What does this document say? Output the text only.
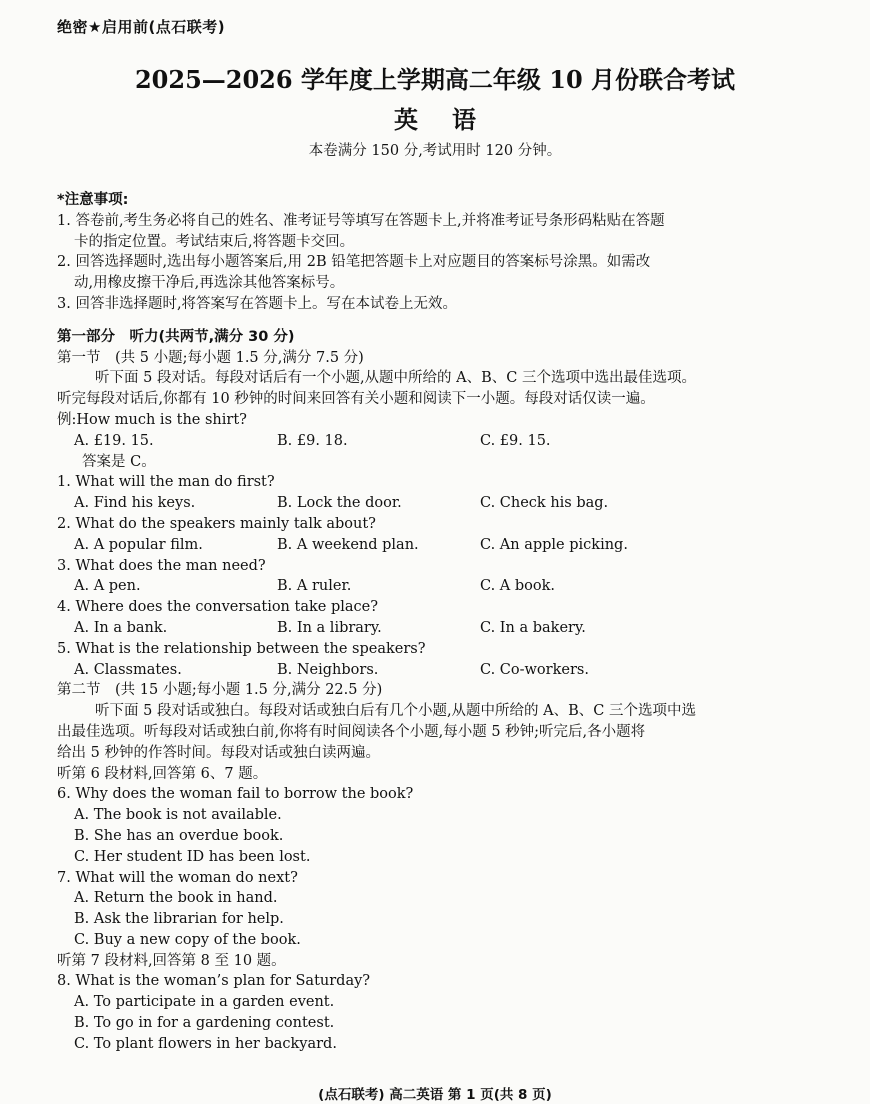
绝密★启用前(点石联考)
2025—2026 学年度上学期高二年级 10 月份联合考试
英语
本卷满分 150 分,考试用时 120 分钟。
*注意事项:
1. 答卷前,考生务必将自己的姓名、准考证号等填写在答题卡上,并将准考证号条形码粘贴在答题
卡的指定位置。考试结束后,将答题卡交回。
2. 回答选择题时,选出每小题答案后,用 2B 铅笔把答题卡上对应题目的答案标号涂黑。如需改
动,用橡皮擦干净后,再选涂其他答案标号。
3. 回答非选择题时,将答案写在答题卡上。写在本试卷上无效。
第一部分　听力(共两节,满分 30 分)
第一节　(共 5 小题;每小题 1.5 分,满分 7.5 分)
听下面 5 段对话。每段对话后有一个小题,从题中所给的 A、B、C 三个选项中选出最佳选项。
听完每段对话后,你都有 10 秒钟的时间来回答有关小题和阅读下一小题。每段对话仅读一遍。
例:How much is the shirt?
A. £19. 15.	B. £9. 18.	C. £9. 15.
答案是 C。
1. What will the man do first?
A. Find his keys.	B. Lock the door.	C. Check his bag.
2. What do the speakers mainly talk about?
A. A popular film.	B. A weekend plan.	C. An apple picking.
3. What does the man need?
A. A pen.	B. A ruler.	C. A book.
4. Where does the conversation take place?
A. In a bank.	B. In a library.	C. In a bakery.
5. What is the relationship between the speakers?
A. Classmates.	B. Neighbors.	C. Co-workers.
第二节　(共 15 小题;每小题 1.5 分,满分 22.5 分)
听下面 5 段对话或独白。每段对话或独白后有几个小题,从题中所给的 A、B、C 三个选项中选
出最佳选项。听每段对话或独白前,你将有时间阅读各个小题,每小题 5 秒钟;听完后,各小题将
给出 5 秒钟的作答时间。每段对话或独白读两遍。
听第 6 段材料,回答第 6、7 题。
6. Why does the woman fail to borrow the book?
A. The book is not available.
B. She has an overdue book.
C. Her student ID has been lost.
7. What will the woman do next?
A. Return the book in hand.
B. Ask the librarian for help.
C. Buy a new copy of the book.
听第 7 段材料,回答第 8 至 10 题。
8. What is the woman’s plan for Saturday?
A. To participate in a garden event.
B. To go in for a gardening contest.
C. To plant flowers in her backyard.
(点石联考) 高二英语 第 1 页(共 8 页)
